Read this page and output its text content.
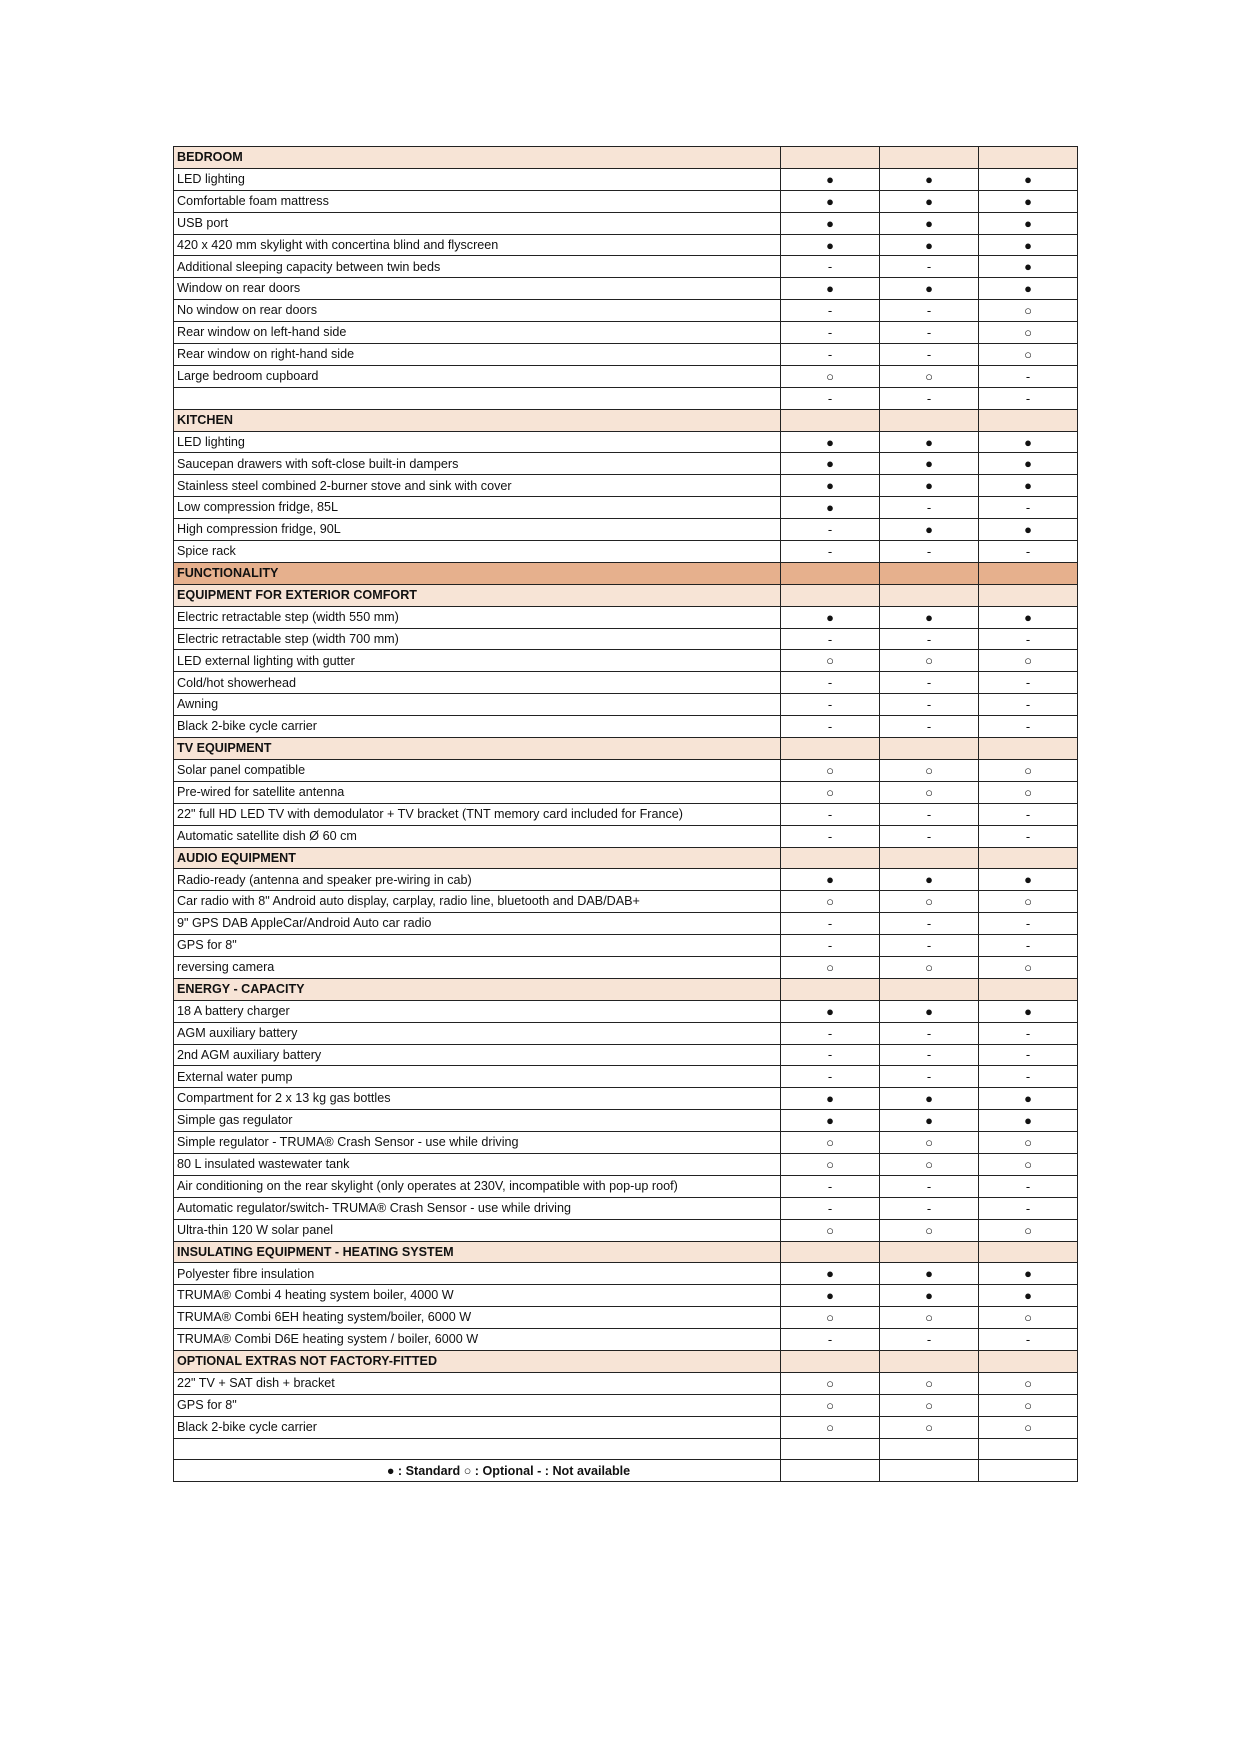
BEDROOM			
LED lighting	●	●	●
Comfortable foam mattress	●	●	●
USB port	●	●	●
420 x 420 mm skylight with concertina blind and flyscreen	●	●	●
Additional sleeping capacity between twin beds	-	-	●
Window on rear doors	●	●	●
No window on rear doors	-	-	○
Rear window on left-hand side	-	-	○
Rear window on right-hand side	-	-	○
Large bedroom cupboard	○	○	-
	-	-	-
KITCHEN			
LED lighting	●	●	●
Saucepan drawers with soft-close built-in dampers	●	●	●
Stainless steel combined 2-burner stove and sink with cover	●	●	●
Low compression fridge, 85L	●	-	-
High compression fridge, 90L	-	●	●
Spice rack	-	-	-
FUNCTIONALITY			
EQUIPMENT FOR EXTERIOR COMFORT			
Electric retractable step (width 550 mm)	●	●	●
Electric retractable step (width 700 mm)	-	-	-
LED external lighting with gutter	○	○	○
Cold/hot showerhead	-	-	-
Awning	-	-	-
Black 2-bike cycle carrier	-	-	-
TV EQUIPMENT			
Solar panel compatible	○	○	○
Pre-wired for satellite antenna	○	○	○
22" full HD LED TV with demodulator + TV bracket (TNT memory card included for France)	-	-	-
Automatic satellite dish Ø 60 cm	-	-	-
AUDIO EQUIPMENT			
Radio-ready (antenna and speaker pre-wiring in cab)	●	●	●
Car radio with 8" Android auto display, carplay, radio line, bluetooth and DAB/DAB+	○	○	○
9" GPS DAB AppleCar/Android Auto car radio	-	-	-
GPS for 8"	-	-	-
reversing camera	○	○	○
ENERGY - CAPACITY			
18 A battery charger	●	●	●
AGM auxiliary battery	-	-	-
2nd AGM auxiliary battery	-	-	-
External water pump	-	-	-
Compartment for 2 x 13 kg gas bottles	●	●	●
Simple gas regulator	●	●	●
Simple regulator - TRUMA® Crash Sensor - use while driving	○	○	○
80 L insulated wastewater tank	○	○	○
Air conditioning on the rear skylight (only operates at 230V, incompatible with pop-up roof)	-	-	-
Automatic regulator/switch- TRUMA® Crash Sensor - use while driving	-	-	-
Ultra-thin 120 W solar panel	○	○	○
INSULATING EQUIPMENT - HEATING SYSTEM			
Polyester fibre insulation	●	●	●
TRUMA® Combi 4 heating system boiler, 4000 W	●	●	●
TRUMA® Combi 6EH heating system/boiler, 6000 W	○	○	○
TRUMA® Combi D6E heating system / boiler, 6000 W	-	-	-
OPTIONAL EXTRAS NOT FACTORY-FITTED			
22" TV + SAT dish + bracket	○	○	○
GPS for 8"	○	○	○
Black 2-bike cycle carrier	○	○	○

● : Standard ○ : Optional - : Not available			
